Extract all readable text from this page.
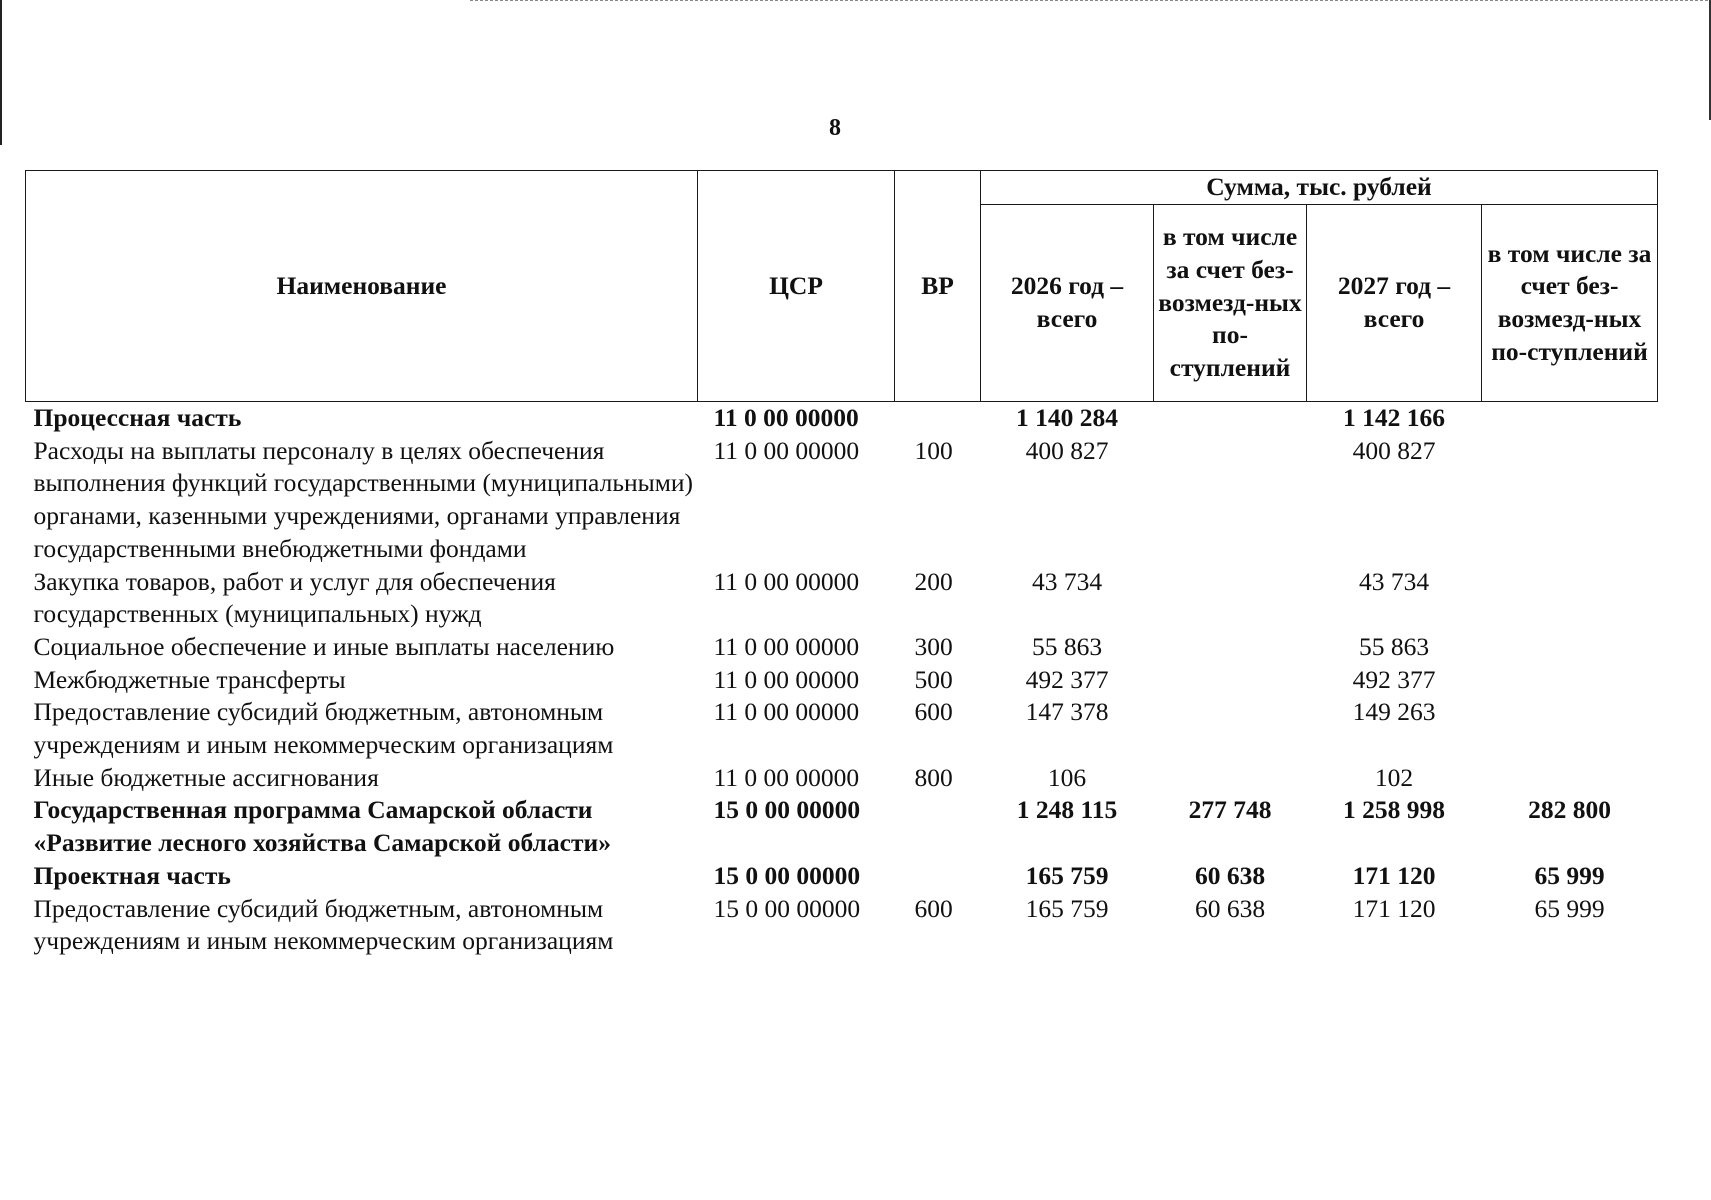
8
Наименование	ЦСР	ВР	Сумма, тыс. рублей			
			2026 год – всего	в том числе за счет без-возмезд-ных по-ступлений	2027 год – всего	в том числе за счет без-возмезд-ных по-ступлений
Процессная часть	11 0 00 00000		1 140 284		1 142 166	
Расходы на выплаты персоналу в целях обеспечения выполнения функций государственными (муниципальными) органами, казенными учреждениями, органами управления государственными внебюджетными фондами	11 0 00 00000	100	400 827		400 827	
Закупка товаров, работ и услуг для обеспечения государственных (муниципальных) нужд	11 0 00 00000	200	43 734		43 734	
Социальное обеспечение и иные выплаты населению	11 0 00 00000	300	55 863		55 863	
Межбюджетные трансферты	11 0 00 00000	500	492 377		492 377	
Предоставление субсидий бюджетным, автономным учреждениям и иным некоммерческим организациям	11 0 00 00000	600	147 378		149 263	
Иные бюджетные ассигнования	11 0 00 00000	800	106		102	
Государственная программа Самарской области «Развитие лесного хозяйства Самарской области»	15 0 00 00000		1 248 115	277 748	1 258 998	282 800
Проектная часть	15 0 00 00000		165 759	60 638	171 120	65 999
Предоставление субсидий бюджетным, автономным учреждениям и иным некоммерческим организациям	15 0 00 00000	600	165 759	60 638	171 120	65 999
